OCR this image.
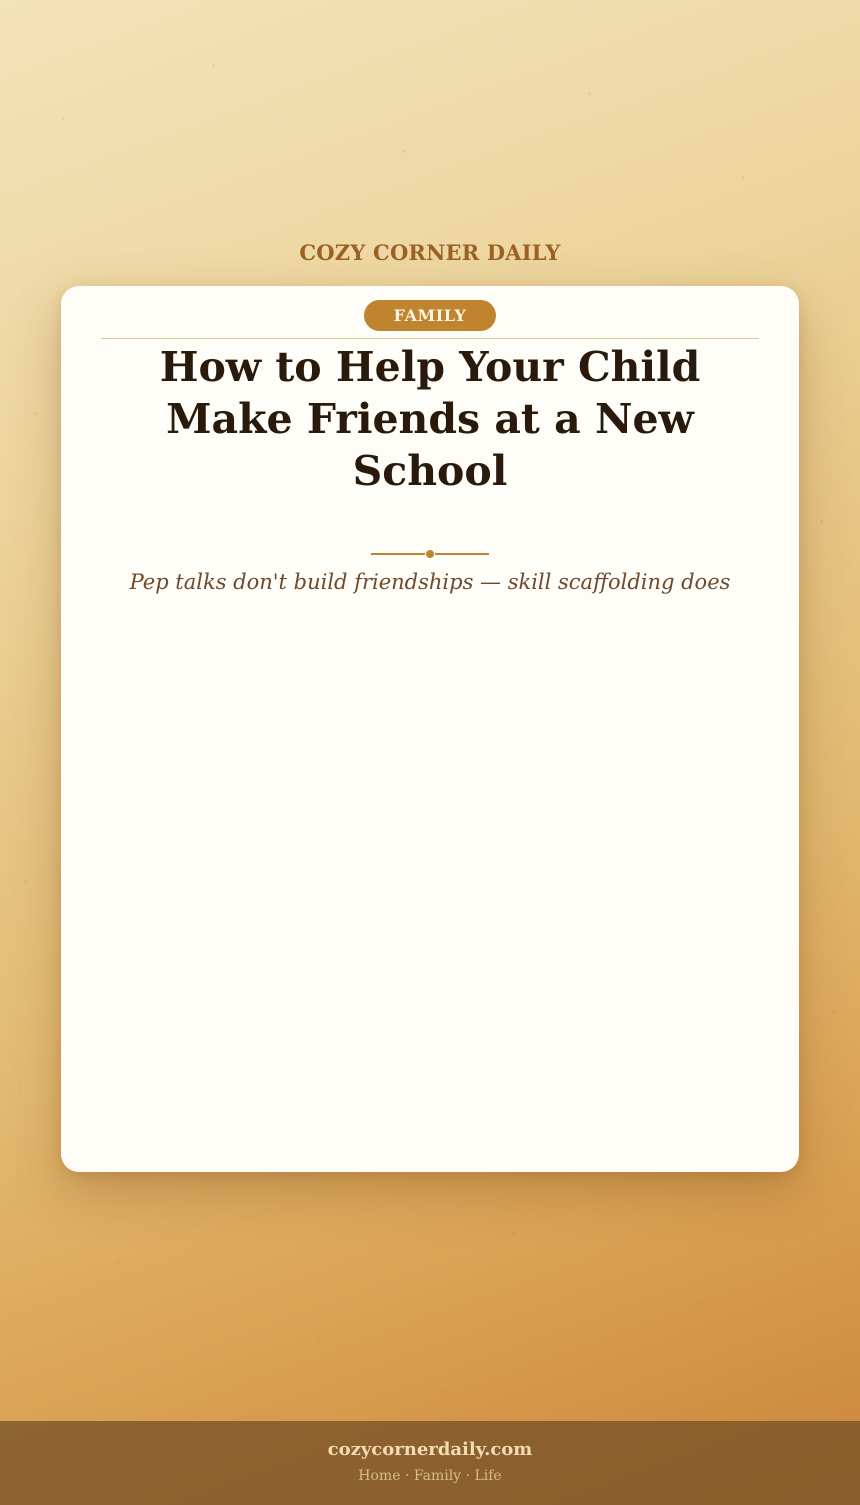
COZY CORNER DAILY
FAMILY
How to Help Your Child Make Friends at a New School
Pep talks don't build friendships — skill scaffolding does
cozycornerdaily.com
Home · Family · Life
